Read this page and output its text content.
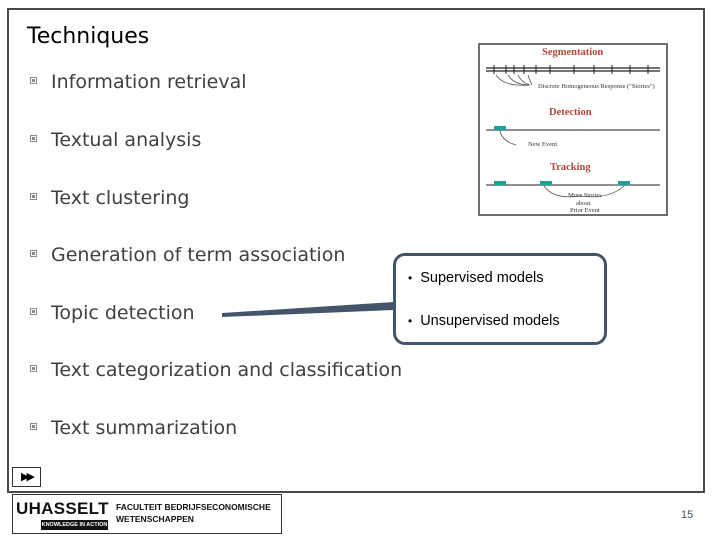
Techniques
Information retrieval
Textual analysis
Text clustering
Generation of term association
Topic detection
Text categorization and classification
Text summarization
• Supervised models
• Unsupervised models
Segmentation
Discrete Homogeneous Response ("Stories")
Detection
New Event
Tracking
More Stories
about
Prior Event
▶▶
UHASSELT
KNOWLEDGE IN ACTION
FACULTEIT BEDRIJFSECONOMISCHE
WETENSCHAPPEN	15
